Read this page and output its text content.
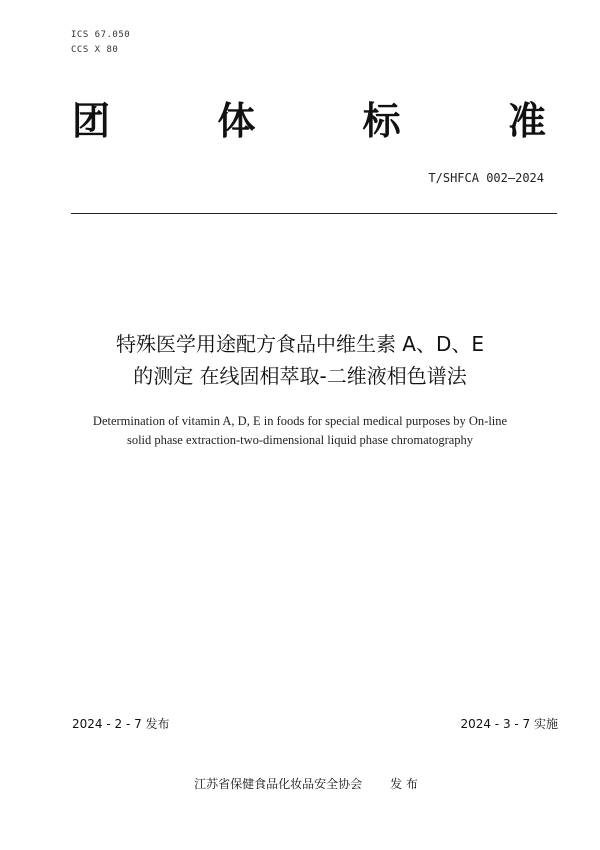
ICS 67.050
CCS X 80
团	体	标	准
T/SHFCA 002—2024
特殊医学用途配方食品中维生素 A、D、E
的测定 在线固相萃取-二维液相色谱法
Determination of vitamin A, D, E in foods for special medical purposes by On-line
solid phase extraction-two-dimensional liquid phase chromatography
2024 - 2 - 7 发布	2024 - 3 - 7 实施
江苏省保健食品化妆品安全协会 发 布
